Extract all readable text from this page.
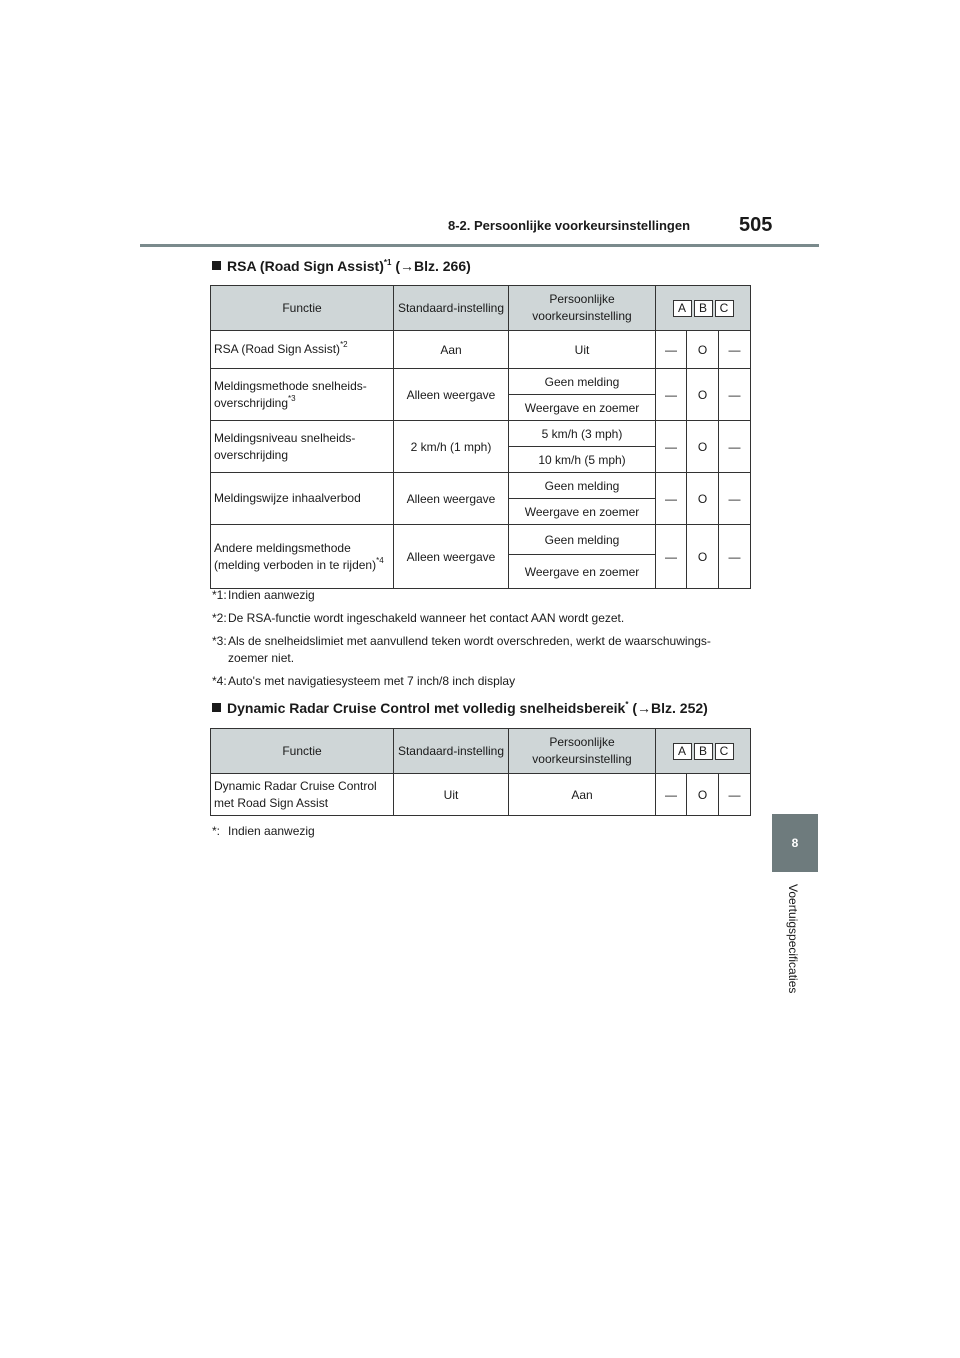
8-2. Persoonlijke voorkeursinstellingen 505
8
Voertuigspecificaties
RSA (Road Sign Assist)$^{*1}$ (→Blz. 266)
Functie	Standaard-instelling	Persoonlijke voorkeursinstelling	A B C		
RSA (Road Sign Assist)$^{*2}$	Aan	Uit	—	O	—
Meldingsmethode snelheids-overschrijding$^{*3}$	Alleen weergave	Geen melding	—	O	—
		Weergave en zoemer			
Meldingsniveau snelheids-overschrijding	2 km/h (1 mph)	5 km/h (3 mph)	—	O	—
		10 km/h (5 mph)			
Meldingswijze inhaalverbod	Alleen weergave	Geen melding	—	O	—
		Weergave en zoemer			
Andere meldingsmethode (melding verboden in te rijden)$^{*4}$	Alleen weergave	Geen melding	—	O	—
		Weergave en zoemer			
*1:Indien aanwezig
*2:De RSA-functie wordt ingeschakeld wanneer het contact AAN wordt gezet.
*3:Als de snelheidslimiet met aanvullend teken wordt overschreden, werkt de waarschuwings-zoemer niet.
*4:Auto's met navigatiesysteem met 7 inch/8 inch display
Dynamic Radar Cruise Control met volledig snelheidsbereik* (→Blz. 252)
Functie	Standaard-instelling	Persoonlijke voorkeursinstelling	A B C		
Dynamic Radar Cruise Control met Road Sign Assist	Uit	Aan	—	O	—
*: Indien aanwezig
